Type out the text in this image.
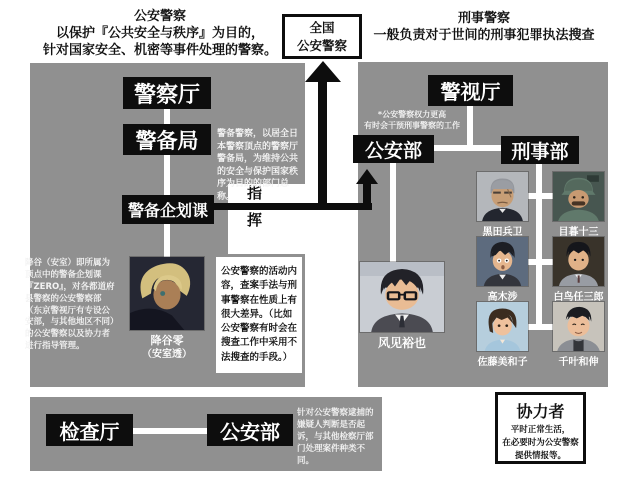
公安警察
以保护『公共安全与秩序』为目的，
针对国家安全、机密等事件处理的警察。
刑事警察
一般负责对于世间的刑事犯罪执法搜查
全国
公安警察
指
挥
警察厅
警备局
警备企划课
警备警察，以居全日本警察顶点的警察厅警备局，为维持公共的安全与保护国家秩序为目的的部门总称。
降谷（安室）即所属为顶点中的警备企划课『ZERO』，对各都道府县警察的公安警察部（东京警视厅有专设公安部，与其他地区不同）的公安警察以及协力者进行指导管理。
公安警察的活动内容，查案手法与刑事警察在性质上有很大差异。（比如公安警察有时会在搜查工作中采用不法搜查的手段。）
降谷零
（安室透）
警视厅
公安部	刑事部
*公安警察权力更高
有时会干预刑事警察的工作
风见裕也
黑田兵卫	目暮十三
高木涉	白鸟任三郎
佐藤美和子	千叶和伸
检查厅	公安部
针对公安警察逮捕的嫌疑人判断是否起诉，与其他检察厅部门处理案件种类不同。
协力者
平时正常生活，
在必要时为公安警察
提供情报等。
